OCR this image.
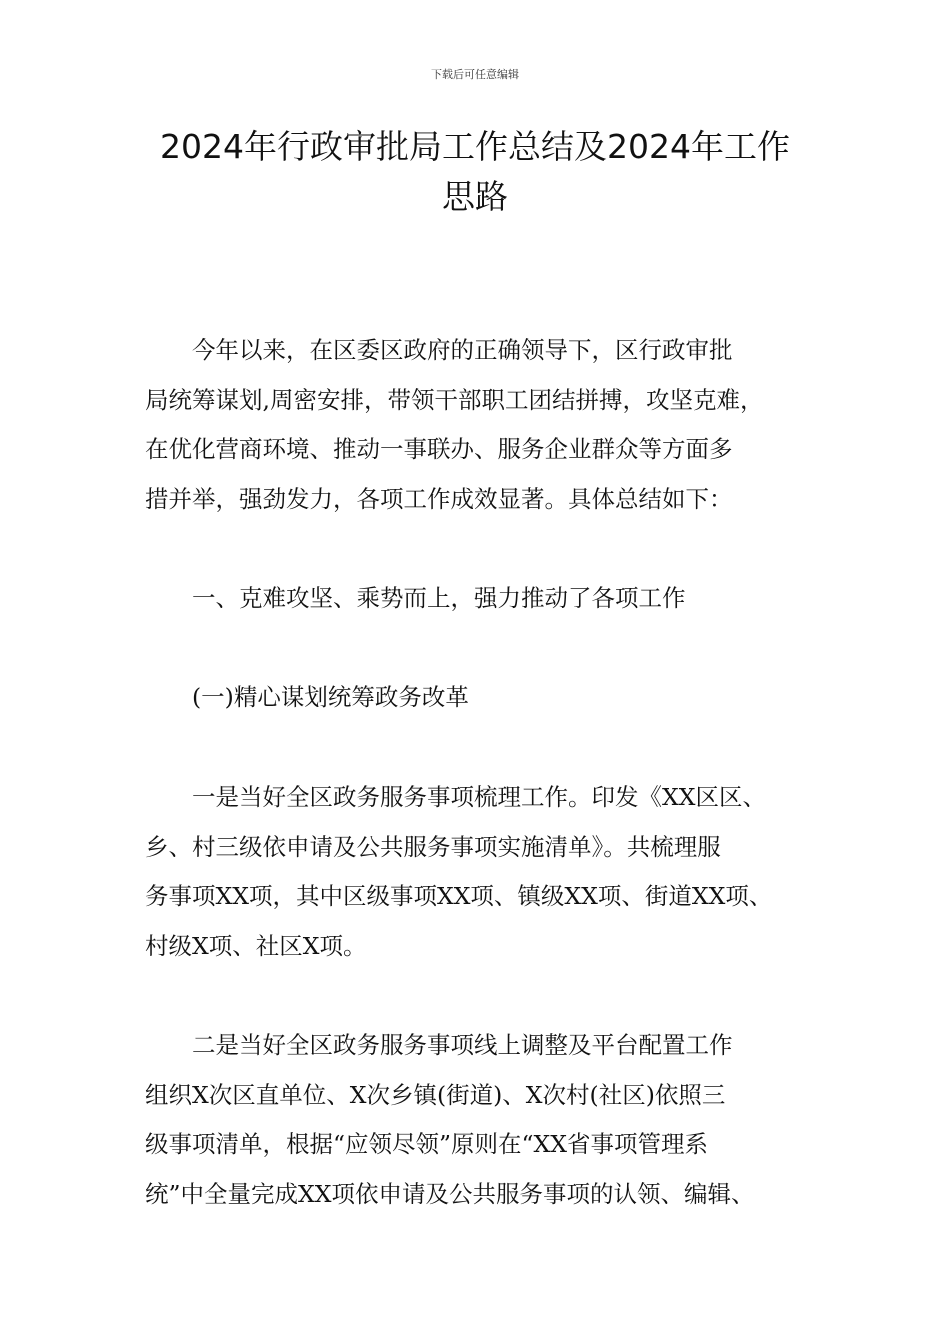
下载后可任意编辑
2024年行政审批局工作总结及2024年工作
思路
今年以来，在区委区政府的正确领导下，区行政审批
局统筹谋划,周密安排，带领干部职工团结拼搏，攻坚克难，
在优化营商环境、推动一事联办、服务企业群众等方面多
措并举，强劲发力，各项工作成效显著。具体总结如下：
一、克难攻坚、乘势而上，强力推动了各项工作
(一)精心谋划统筹政务改革
一是当好全区政务服务事项梳理工作。印发《XX区区、
乡、村三级依申请及公共服务事项实施清单》。共梳理服
务事项XX项，其中区级事项XX项、镇级XX项、街道XX项、
村级X项、社区X项。
二是当好全区政务服务事项线上调整及平台配置工作
组织X次区直单位、X次乡镇(街道)、X次村(社区)依照三
级事项清单，根据“应领尽领”原则在“XX省事项管理系
统”中全量完成XX项依申请及公共服务事项的认领、编辑、
